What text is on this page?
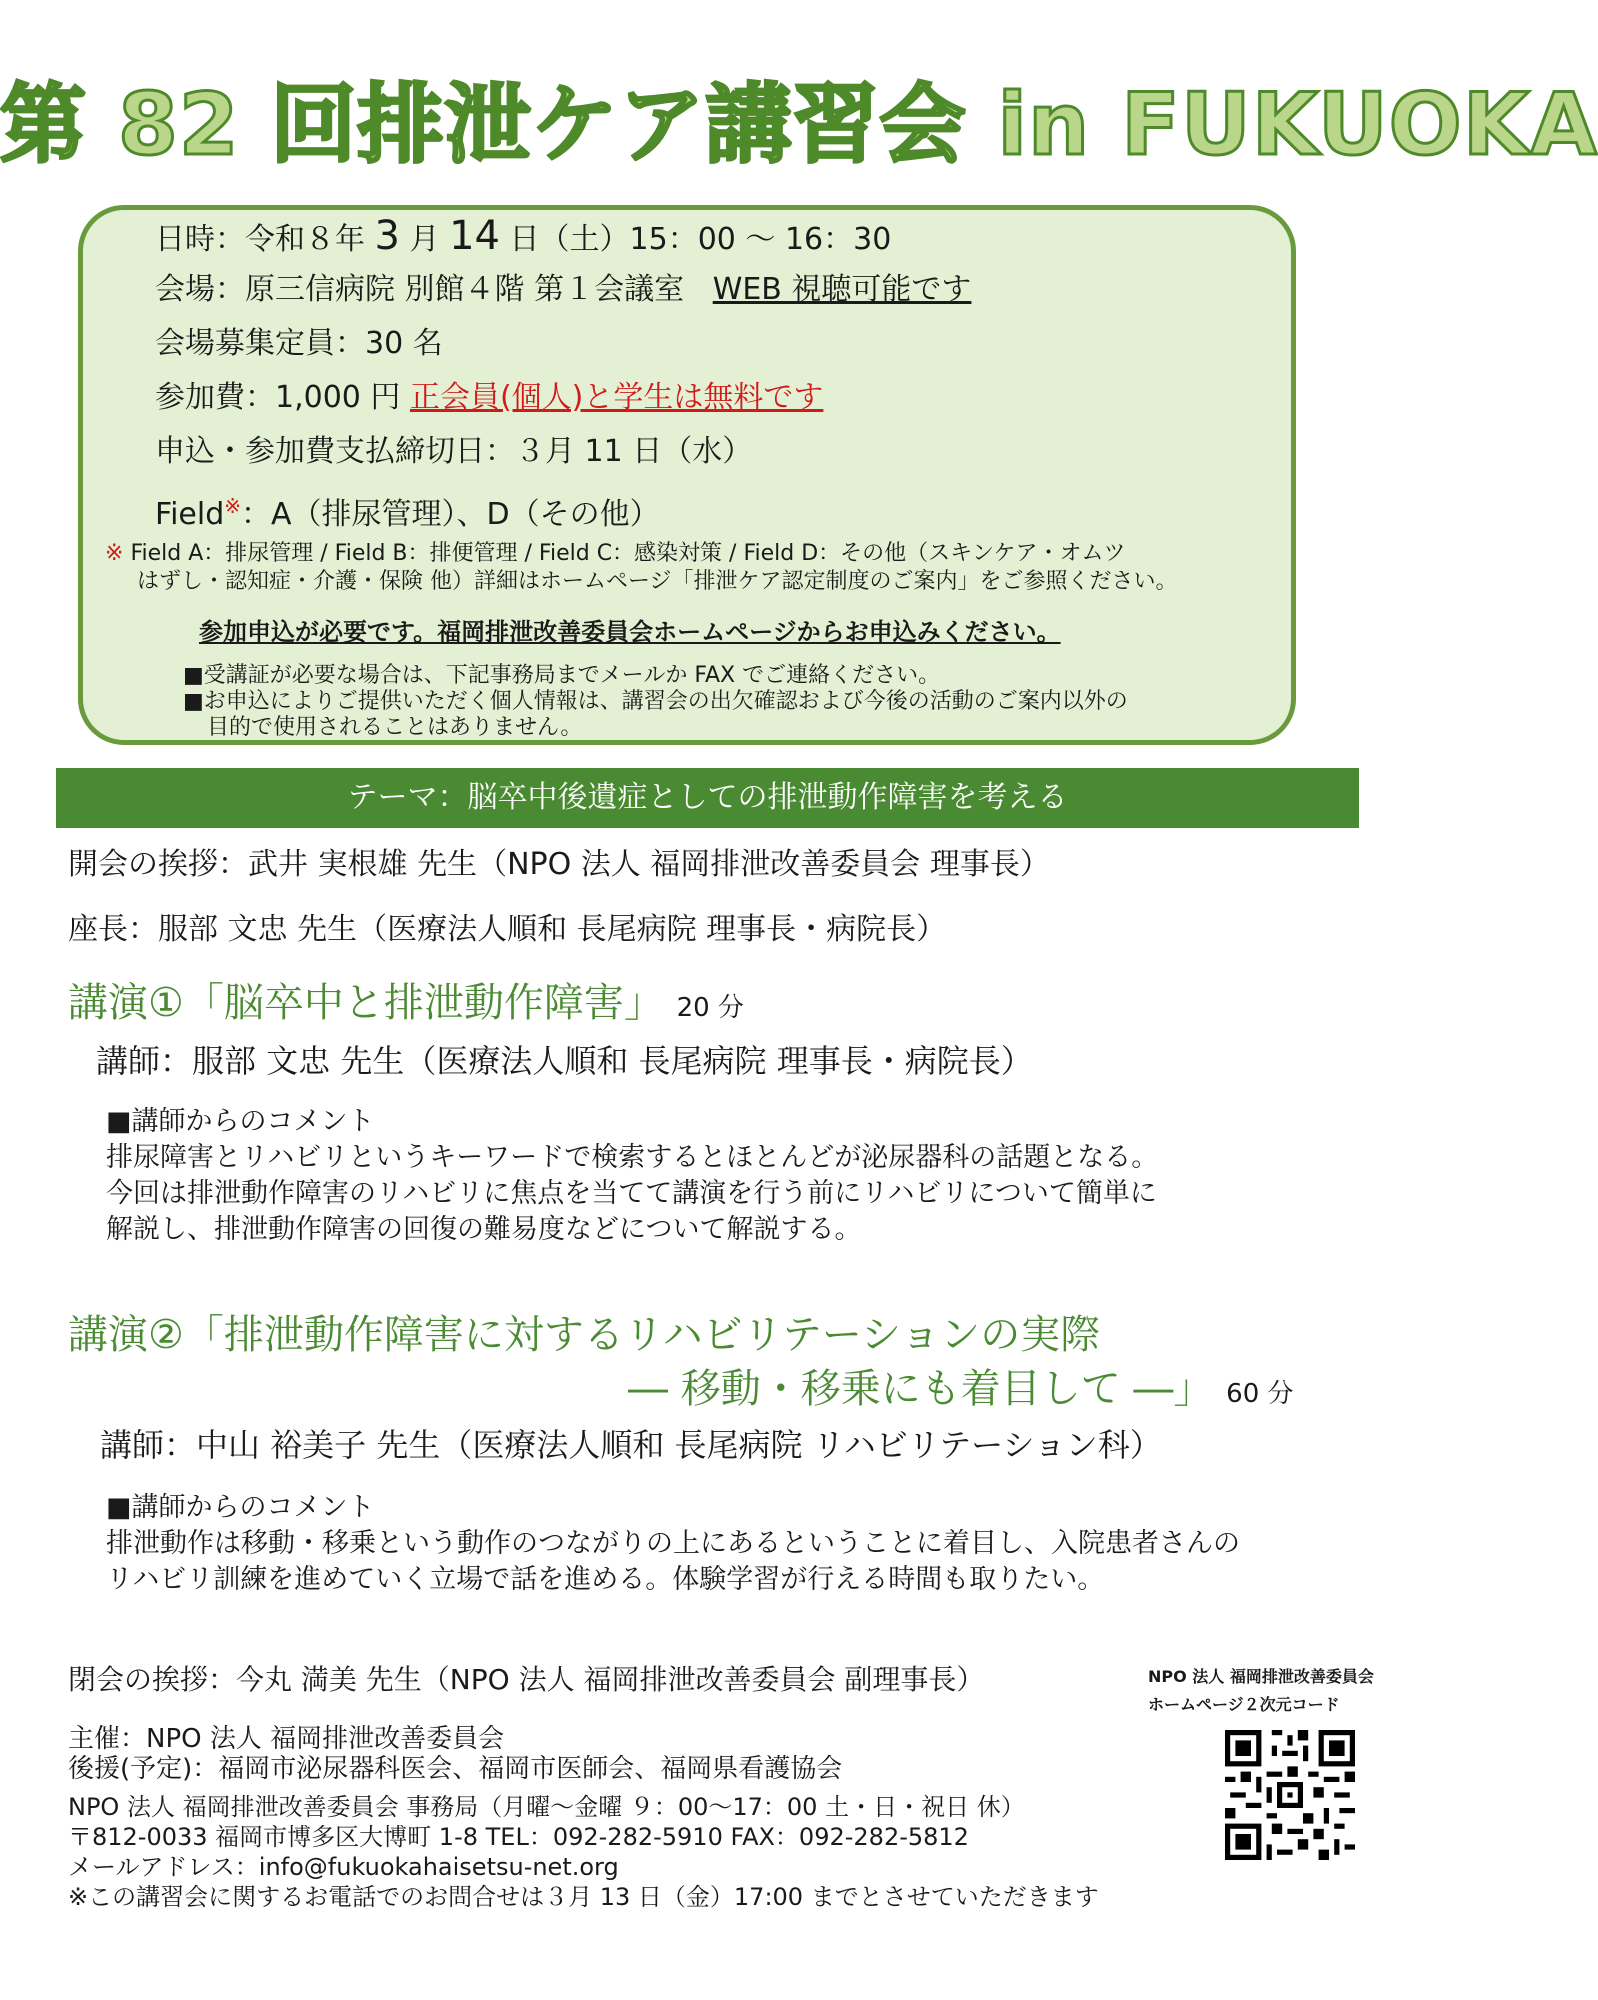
第 82 回排泄ケア講習会 in FUKUOKA
日時：令和８年 3 月 14 日（土）15：00 ～ 16：30
会場：原三信病院 別館４階 第１会議室 WEB 視聴可能です
会場募集定員：30 名
参加費：1,000 円 正会員(個人)と学生は無料です
申込・参加費支払締切日：３月 11 日（水）
Field※：A（排尿管理）、D（その他）
※ Field A：排尿管理 / Field B：排便管理 / Field C：感染対策 / Field D：その他（スキンケア・オムツ
はずし・認知症・介護・保険 他）詳細はホームページ「排泄ケア認定制度のご案内」をご参照ください。
参加申込が必要です。福岡排泄改善委員会ホームページからお申込みください。
■受講証が必要な場合は、下記事務局までメールか FAX でご連絡ください。
■お申込によりご提供いただく個人情報は、講習会の出欠確認および今後の活動のご案内以外の
目的で使用されることはありません。
テーマ：脳卒中後遺症としての排泄動作障害を考える
開会の挨拶：武井 実根雄 先生（NPO 法人 福岡排泄改善委員会 理事長）
座長：服部 文忠 先生（医療法人順和 長尾病院 理事長・病院長）
講演①「脳卒中と排泄動作障害」 20 分
講師：服部 文忠 先生（医療法人順和 長尾病院 理事長・病院長）
■講師からのコメント
排尿障害とリハビリというキーワードで検索するとほとんどが泌尿器科の話題となる。
今回は排泄動作障害のリハビリに焦点を当てて講演を行う前にリハビリについて簡単に
解説し、排泄動作障害の回復の難易度などについて解説する。
講演②「排泄動作障害に対するリハビリテーションの実際
― 移動・移乗にも着目して ―」 60 分
講師：中山 裕美子 先生（医療法人順和 長尾病院 リハビリテーション科）
■講師からのコメント
排泄動作は移動・移乗という動作のつながりの上にあるということに着目し、入院患者さんの
リハビリ訓練を進めていく立場で話を進める。体験学習が行える時間も取りたい。
閉会の挨拶：今丸 満美 先生（NPO 法人 福岡排泄改善委員会 副理事長）
主催：NPO 法人 福岡排泄改善委員会
後援(予定)：福岡市泌尿器科医会、福岡市医師会、福岡県看護協会
NPO 法人 福岡排泄改善委員会 事務局（月曜～金曜 ９：00～17：00 土・日・祝日 休）
〒812-0033 福岡市博多区大博町 1-8 TEL：092-282-5910 FAX：092-282-5812
メールアドレス：info@fukuokahaisetsu-net.org
※この講習会に関するお電話でのお問合せは３月 13 日（金）17:00 までとさせていただきます
NPO 法人 福岡排泄改善委員会
ホームページ２次元コード
